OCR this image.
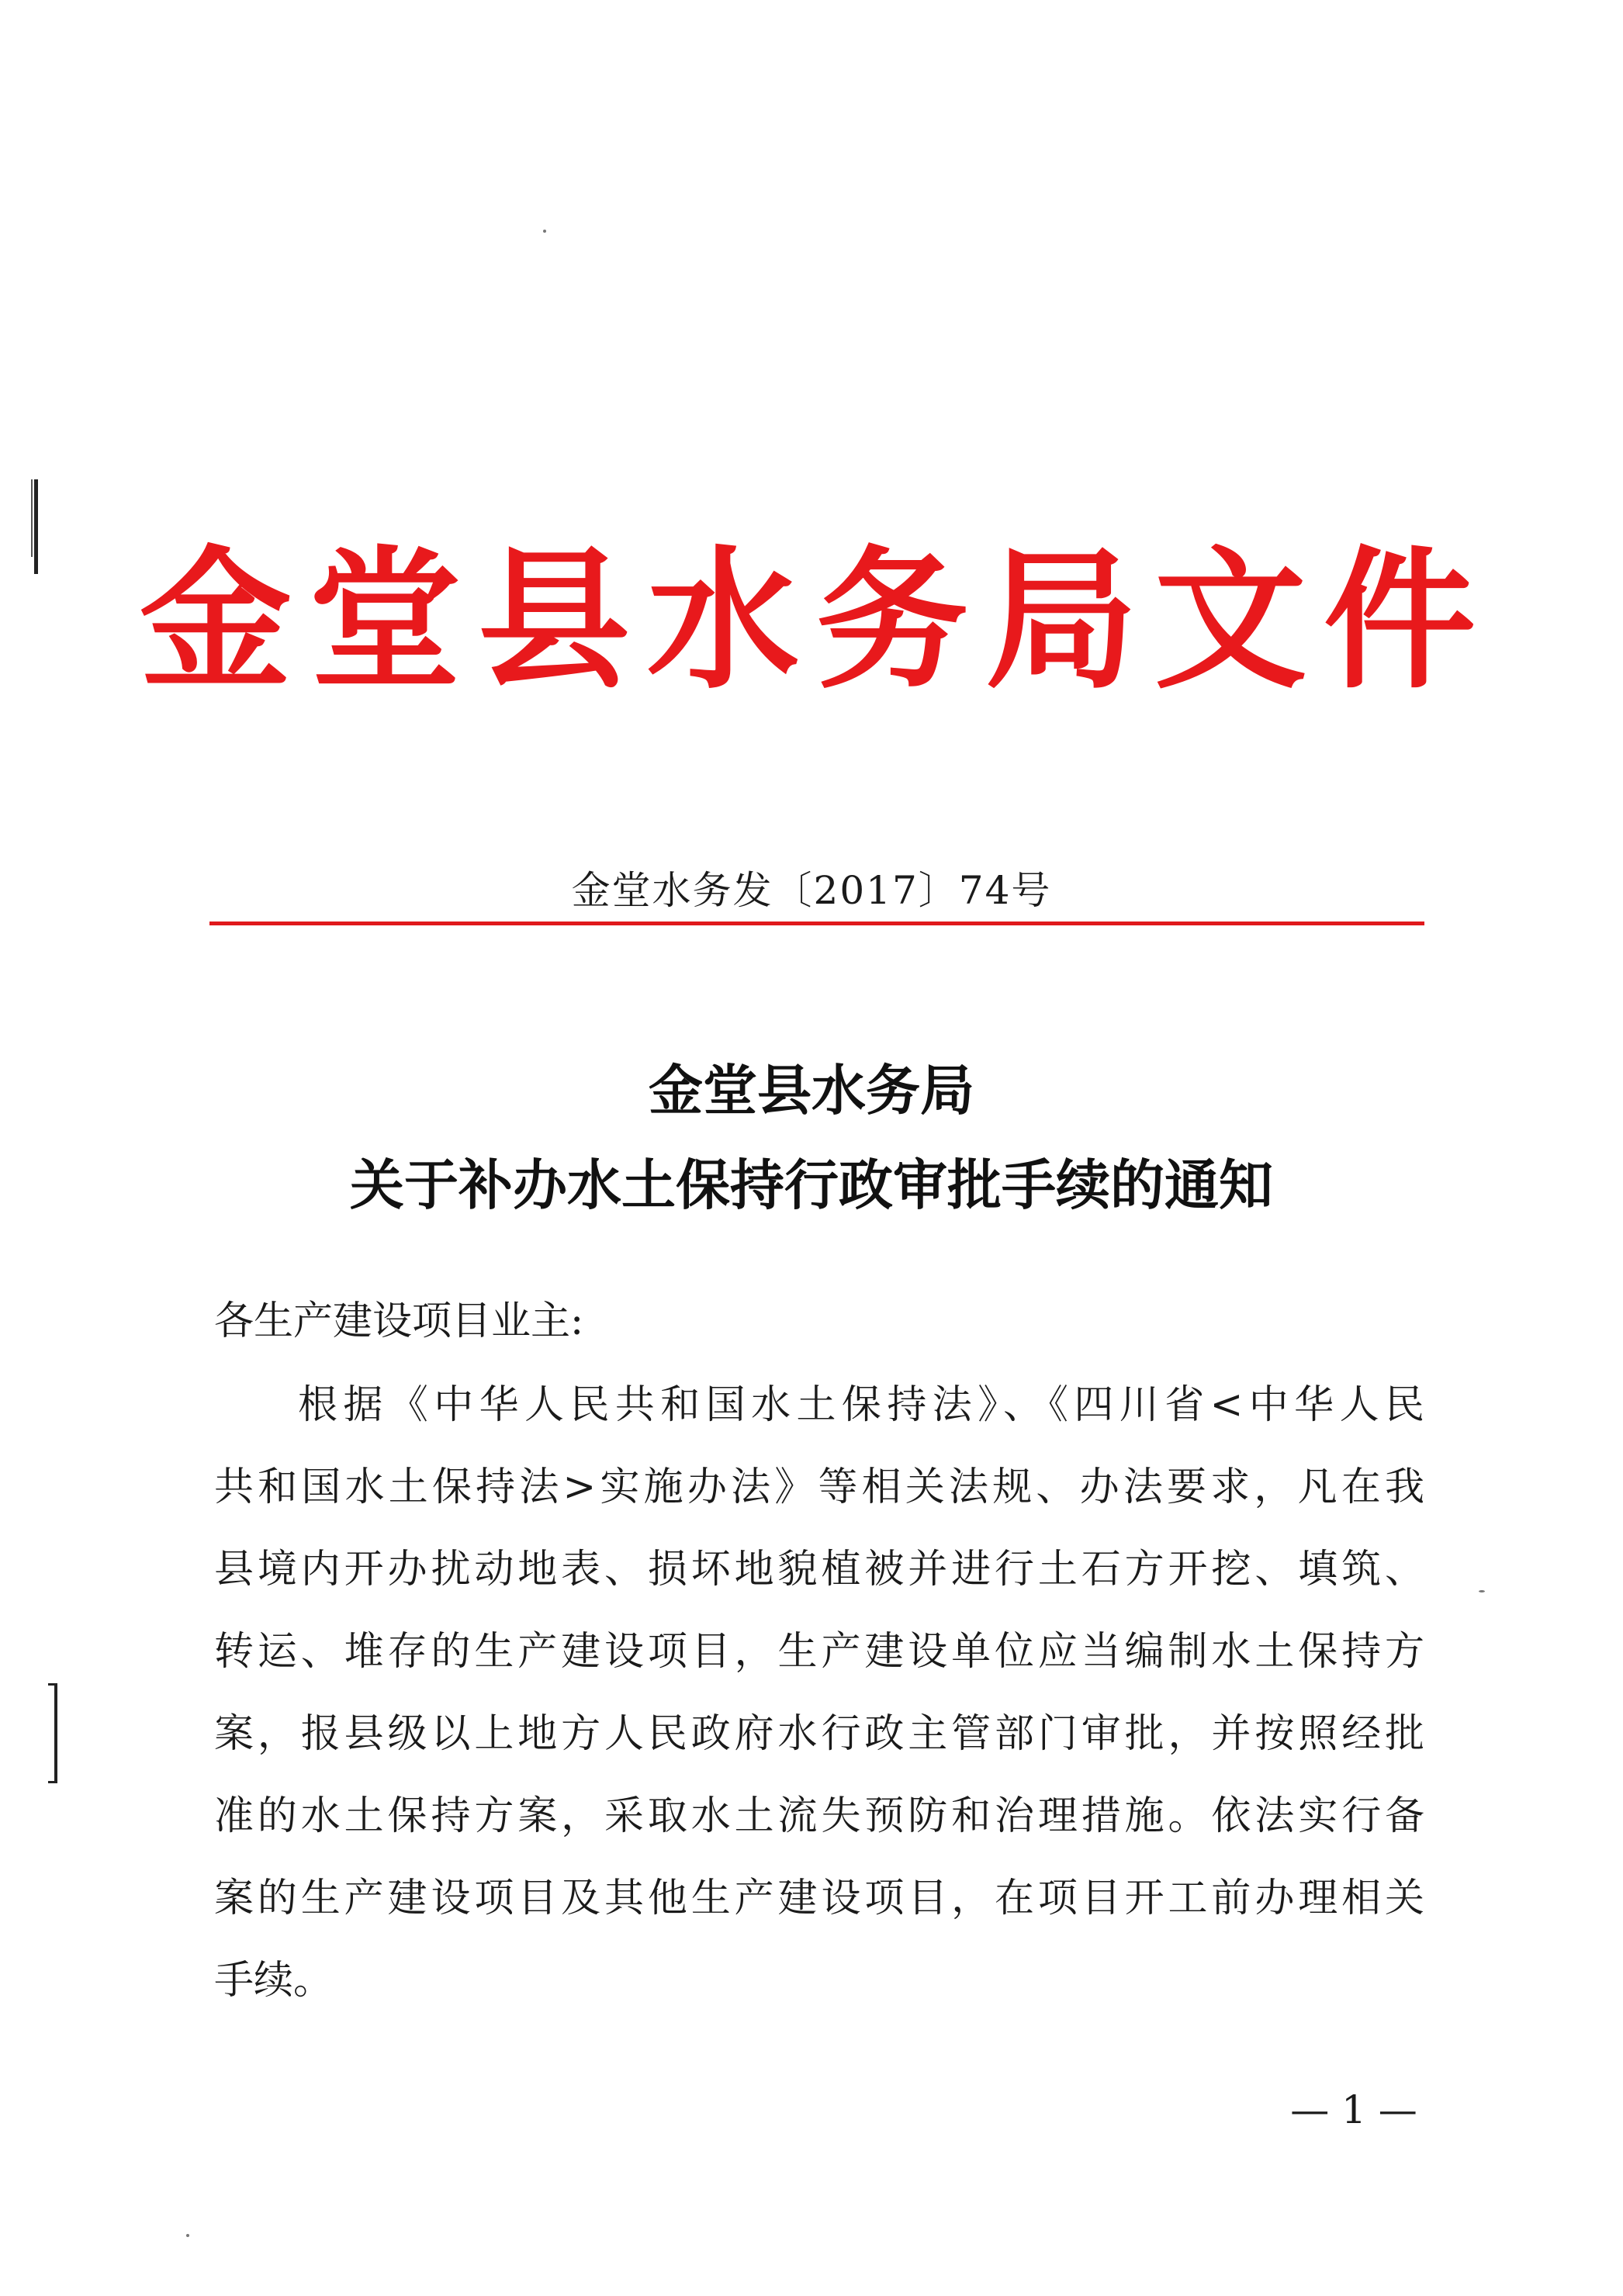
金堂县水务局文件
金堂水务发〔2017〕74号
金堂县水务局
关于补办水土保持行政审批手续的通知
各生产建设项目业主:
根据《中华人民共和国水土保持法》、《四川省<中华人民
共和国水土保持法>实施办法》等相关法规、办法要求，凡在我
县境内开办扰动地表、损坏地貌植被并进行土石方开挖、填筑、
转运、堆存的生产建设项目，生产建设单位应当编制水土保持方
案，报县级以上地方人民政府水行政主管部门审批，并按照经批
准的水土保持方案，采取水土流失预防和治理措施。依法实行备
案的生产建设项目及其他生产建设项目，在项目开工前办理相关
手续。
— 1 —
